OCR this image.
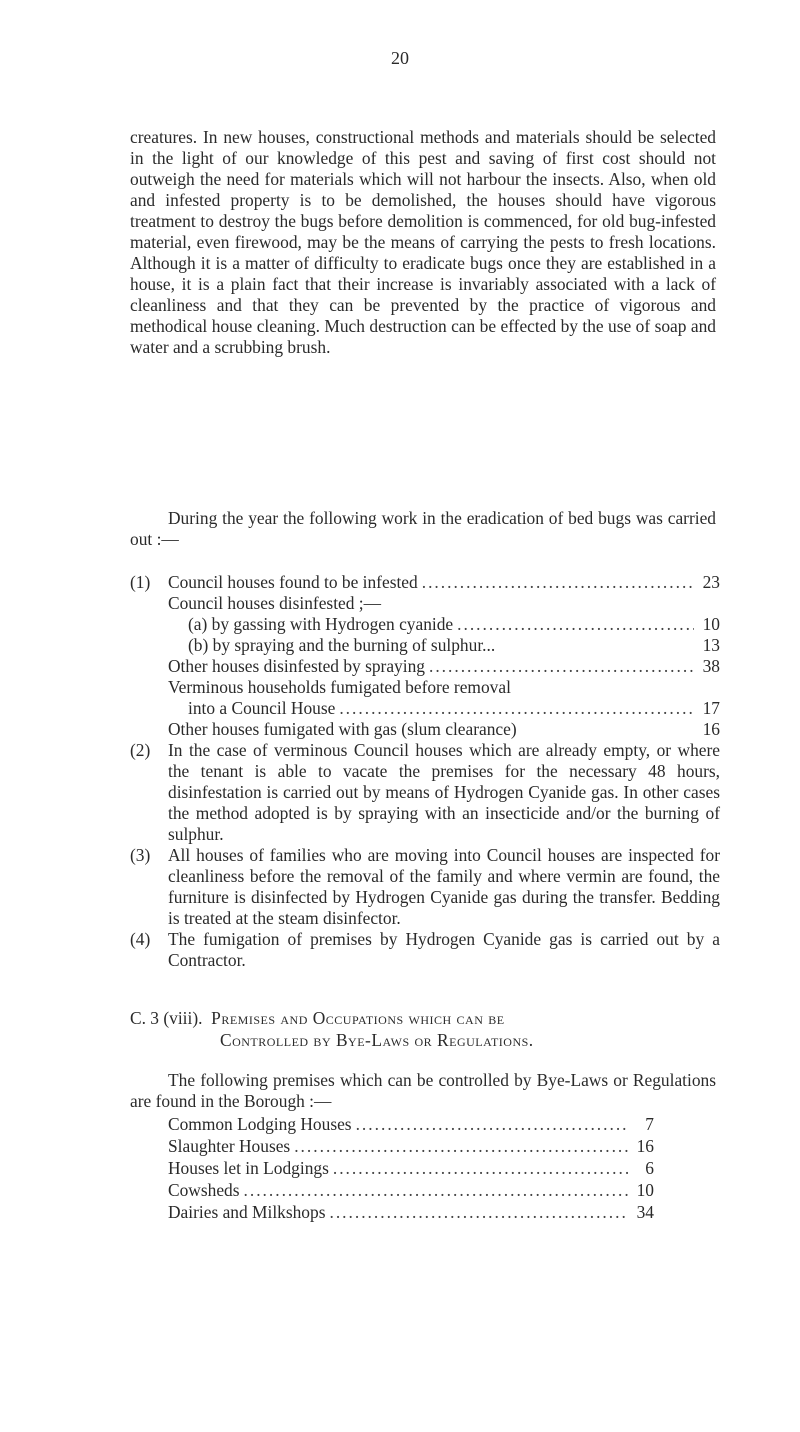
20

creatures. In new houses, constructional methods and materials should be selected in the light of our knowledge of this pest and saving of first cost should not outweigh the need for materials which will not harbour the insects. Also, when old and infested property is to be demolished, the houses should have vigorous treatment to destroy the bugs before demolition is commenced, for old bug-infested material, even firewood, may be the means of carrying the pests to fresh locations. Although it is a matter of difficulty to eradicate bugs once they are established in a house, it is a plain fact that their increase is invariably associated with a lack of cleanliness and that they can be prevented by the practice of vigorous and methodical house cleaning. Much destruction can be effected by the use of soap and water and a scrubbing brush.

During the year the following work in the eradication of bed bugs was carried out :—

(1) Council houses found to be infested .....	23
Council houses disinfested ;—
(a) by gassing with Hydrogen cyanide .....	10
(b) by spraying and the burning of sulphur...	13
Other houses disinfested by spraying .....	38
Verminous households fumigated before removal
into a Council House .....	17
Other houses fumigated with gas (slum clearance)	16
(2) In the case of verminous Council houses which are already empty, or where the tenant is able to vacate the premises for the necessary 48 hours, disinfestation is carried out by means of Hydrogen Cyanide gas. In other cases the method adopted is by spraying with an insecticide and/or the burning of sulphur.
(3) All houses of families who are moving into Council houses are inspected for cleanliness before the removal of the family and where vermin are found, the furniture is disinfected by Hydrogen Cyanide gas during the transfer. Bedding is treated at the steam disinfector.
(4) The fumigation of premises by Hydrogen Cyanide gas is carried out by a Contractor.
C. 3 (viii). Premises and Occupations which can be
Controlled by Bye-Laws or Regulations.

The following premises which can be controlled by Bye-Laws or Regulations are found in the Borough :—

Common Lodging Houses .....	7
Slaughter Houses .....	16
Houses let in Lodgings .....	6
Cowsheds .....	10
Dairies and Milkshops .....	34
